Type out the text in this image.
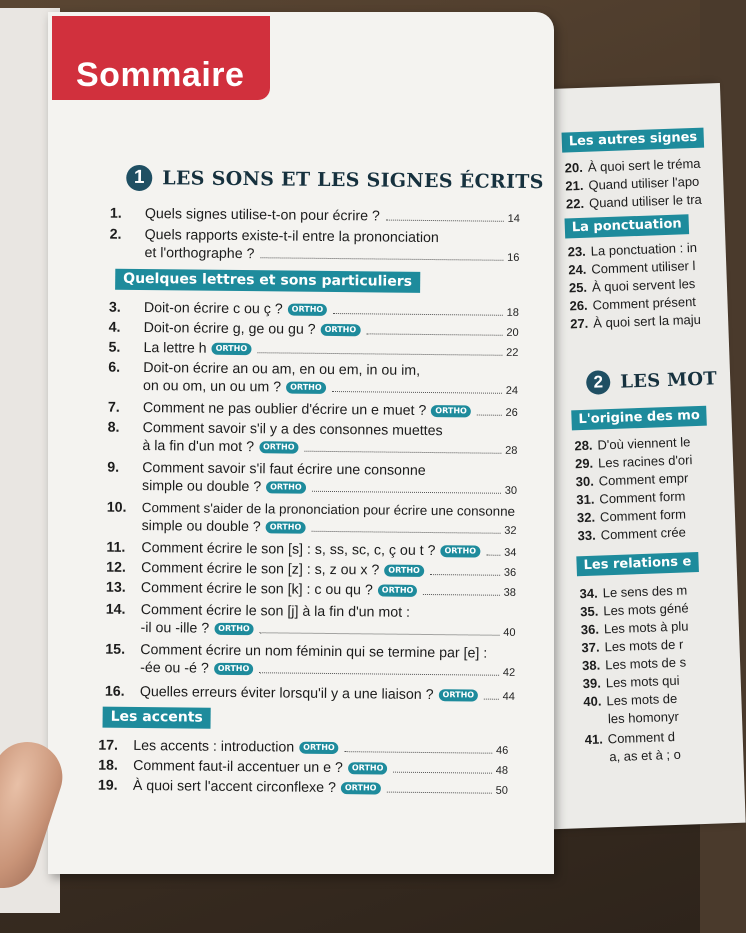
Les autres signes
20. À quoi sert le tréma
21. Quand utiliser l'apo
22. Quand utiliser le tra
La ponctuation
23. La ponctuation : in
24. Comment utiliser l
25. À quoi servent les
26. Comment présent
27. À quoi sert la maju
2 LES MOT
L'origine des mo
28. D'où viennent le
29. Les racines d'ori
30. Comment empr
31. Comment form
32. Comment form
33. Comment crée
Les relations e
34. Le sens des m
35. Les mots géné
36. Les mots à plu
37. Les mots de r
38. Les mots de s
39. Les mots qui
40. Les mots de
les homonyr
41. Comment d
a, as et à ; o
Sommaire
1 LES SONS ET LES SIGNES ÉCRITS
1.	Quels signes utilise-t-on pour écrire ?	14
2.	Quels rapports existe-t-il entre la prononciation
et l'orthographe ?	16
Quelques lettres et sons particuliers
3.	Doit-on écrire c ou ç ? ORTHO	18
4.	Doit-on écrire g, ge ou gu ? ORTHO	20
5.	La lettre h ORTHO	22
6.	Doit-on écrire an ou am, en ou em, in ou im,
on ou om, un ou um ? ORTHO	24
7.	Comment ne pas oublier d'écrire un e muet ? ORTHO	26
8.	Comment savoir s'il y a des consonnes muettes
à la fin d'un mot ? ORTHO	28
9.	Comment savoir s'il faut écrire une consonne
simple ou double ? ORTHO	30
10.	Comment s'aider de la prononciation pour écrire une consonne
simple ou double ? ORTHO	32
11.	Comment écrire le son [s] : s, ss, sc, c, ç ou t ? ORTHO	34
12.	Comment écrire le son [z] : s, z ou x ? ORTHO	36
13.	Comment écrire le son [k] : c ou qu ? ORTHO	38
14.	Comment écrire le son [j] à la fin d'un mot :
-il ou -ille ? ORTHO	40
15.	Comment écrire un nom féminin qui se termine par [e] :
-ée ou -é ? ORTHO	42
16.	Quelles erreurs éviter lorsqu'il y a une liaison ? ORTHO	44
Les accents
17.	Les accents : introduction ORTHO	46
18.	Comment faut-il accentuer un e ? ORTHO	48
19.	À quoi sert l'accent circonflexe ? ORTHO	50
